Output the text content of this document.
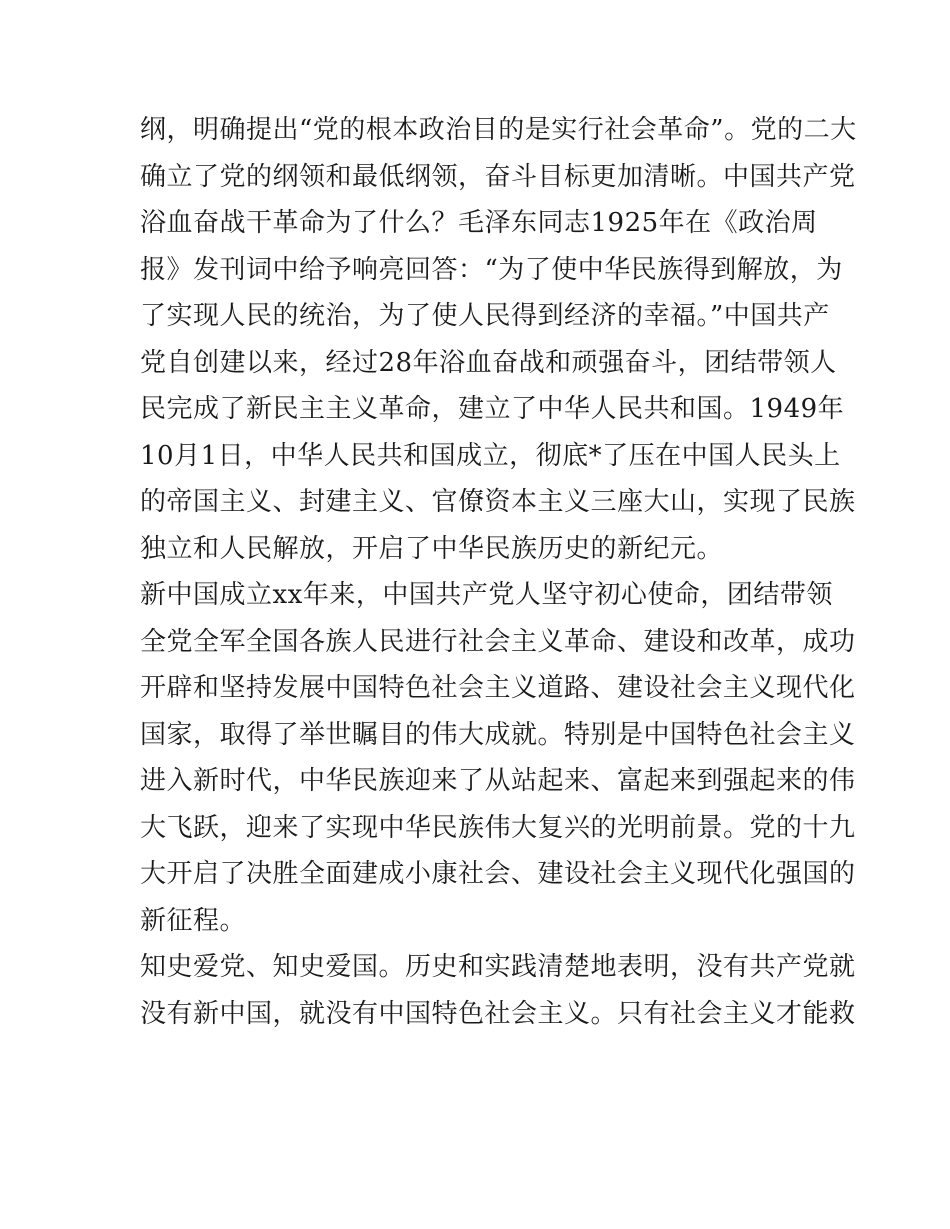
纲，明确提出“党的根本政治目的是实行社会革命”。党的二大
确立了党的纲领和最低纲领，奋斗目标更加清晰。中国共产党
浴血奋战干革命为了什么？毛泽东同志1925年在《政治周
报》发刊词中给予响亮回答：“为了使中华民族得到解放，为
了实现人民的统治，为了使人民得到经济的幸福。”中国共产
党自创建以来，经过28年浴血奋战和顽强奋斗，团结带领人
民完成了新民主主义革命，建立了中华人民共和国。1949年
10月1日，中华人民共和国成立，彻底*了压在中国人民头上
的帝国主义、封建主义、官僚资本主义三座大山，实现了民族
独立和人民解放，开启了中华民族历史的新纪元。
新中国成立xx年来，中国共产党人坚守初心使命，团结带领
全党全军全国各族人民进行社会主义革命、建设和改革，成功
开辟和坚持发展中国特色社会主义道路、建设社会主义现代化
国家，取得了举世瞩目的伟大成就。特别是中国特色社会主义
进入新时代，中华民族迎来了从站起来、富起来到强起来的伟
大飞跃，迎来了实现中华民族伟大复兴的光明前景。党的十九
大开启了决胜全面建成小康社会、建设社会主义现代化强国的
新征程。
知史爱党、知史爱国。历史和实践清楚地表明，没有共产党就
没有新中国，就没有中国特色社会主义。只有社会主义才能救
